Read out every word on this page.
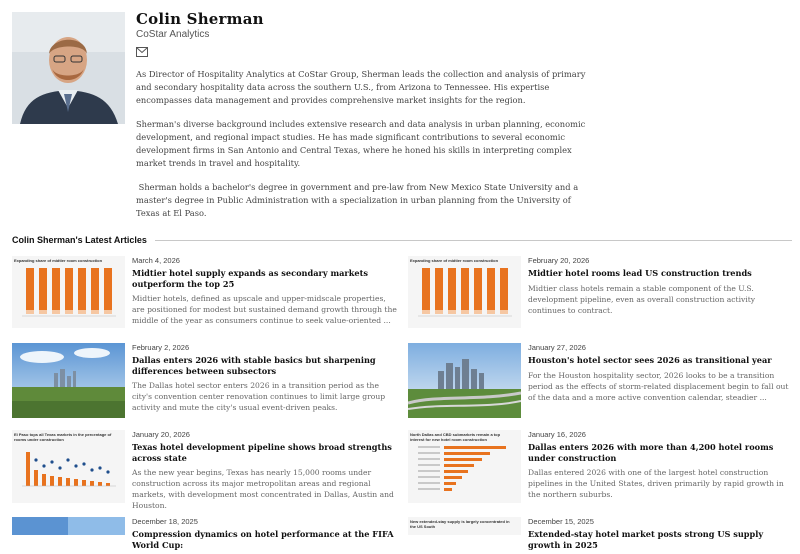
Colin Sherman
CoStar Analytics

As Director of Hospitality Analytics at CoStar Group, Sherman leads the collection and analysis of primary and secondary hospitality data across the southern U.S., from Arizona to Tennessee. His expertise encompasses data management and provides comprehensive market insights for the region.

Sherman's diverse background includes extensive research and data analysis in urban planning, economic development, and regional impact studies. He has made significant contributions to several economic development firms in San Antonio and Central Texas, where he honed his skills in interpreting complex market trends in travel and hospitality.

Sherman holds a bachelor's degree in government and pre-law from New Mexico State University and a master's degree in Public Administration with a specialization in urban planning from the University of Texas at El Paso.

Colin Sherman's Latest Articles
Expanding share of midtier room construction	March 4, 2026
Midtier hotel supply expands as secondary markets outperform the top 25
Midtier hotels, defined as upscale and upper-midscale properties, are positioned for modest but sustained demand growth through the middle of the year as consumers continue to seek value-oriented ...
Expanding share of midtier room construction	February 20, 2026
Midtier hotel rooms lead US construction trends
Midtier class hotels remain a stable component of the U.S. development pipeline, even as overall construction activity continues to contract.
February 2, 2026
Dallas enters 2026 with stable basics but sharpening differences between subsectors
The Dallas hotel sector enters 2026 in a transition period as the city's convention center renovation continues to limit large group activity and mute the city's usual event-driven peaks.
January 27, 2026
Houston's hotel sector sees 2026 as transitional year
For the Houston hospitality sector, 2026 looks to be a transition period as the effects of storm-related displacement begin to fall out of the data and a more active convention calendar, steadier ...
El Paso tops all Texas markets in the percentage of rooms under construction
January 20, 2026
Texas hotel development pipeline shows broad strengths across state
As the new year begins, Texas has nearly 15,000 rooms under construction across its major metropolitan areas and regional markets, with development most concentrated in Dallas, Austin and Houston.
North Dallas and CBD submarkets remain a top interest for new hotel room construction
January 16, 2026
Dallas enters 2026 with more than 4,200 hotel rooms under construction
Dallas entered 2026 with one of the largest hotel construction pipelines in the United States, driven primarily by rapid growth in the northern suburbs.
December 18, 2025
Compression dynamics on hotel performance at the FIFA World Cup:
New extended-stay supply is largely concentrated in the US South
December 15, 2025
Extended-stay hotel market posts strong US supply growth in 2025
